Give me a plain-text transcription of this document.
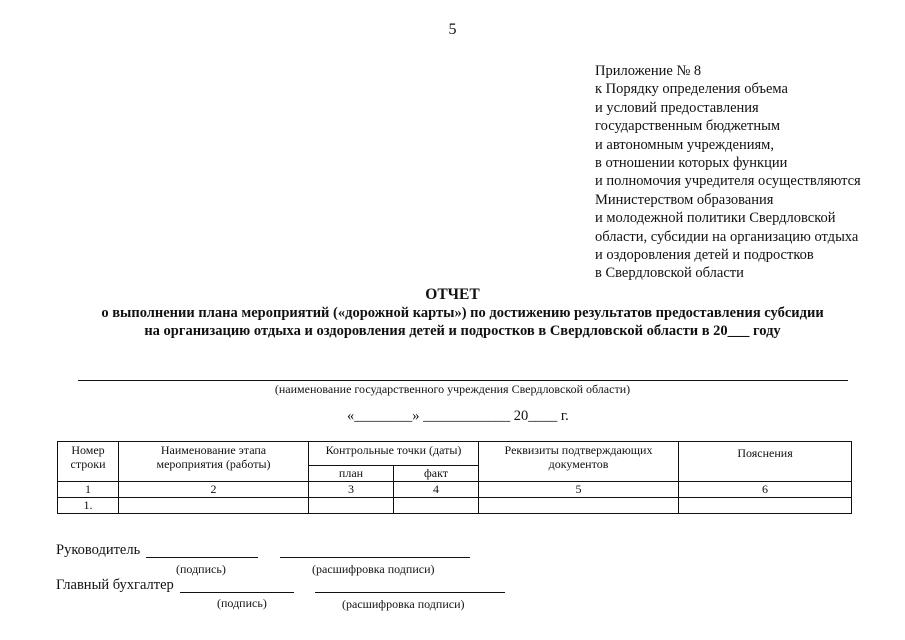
5
Приложение № 8
к Порядку определения объема
и условий предоставления
государственным бюджетным
и автономным учреждениям,
в отношении которых функции
и полномочия учредителя осуществляются
Министерством образования
и молодежной политики Свердловской
области, субсидии на организацию отдыха
и оздоровления детей и подростков
в Свердловской области
ОТЧЕТ
о выполнении плана мероприятий («дорожной карты») по достижению результатов предоставления субсидии
на организацию отдыха и оздоровления детей и подростков в Свердловской области в 20___ году
(наименование государственного учреждения Свердловской области)
«________» ____________ 20____ г.
Номер строки	Наименование этапа мероприятия (работы)	Контрольные точки (даты)		Реквизиты подтверждающих документов	Пояснения
		план	факт		
1	2	3	4	5	6
1.					
Руководитель
(подпись)	(расшифровка подписи)
Главный бухгалтер
(подпись)	(расшифровка подписи)
